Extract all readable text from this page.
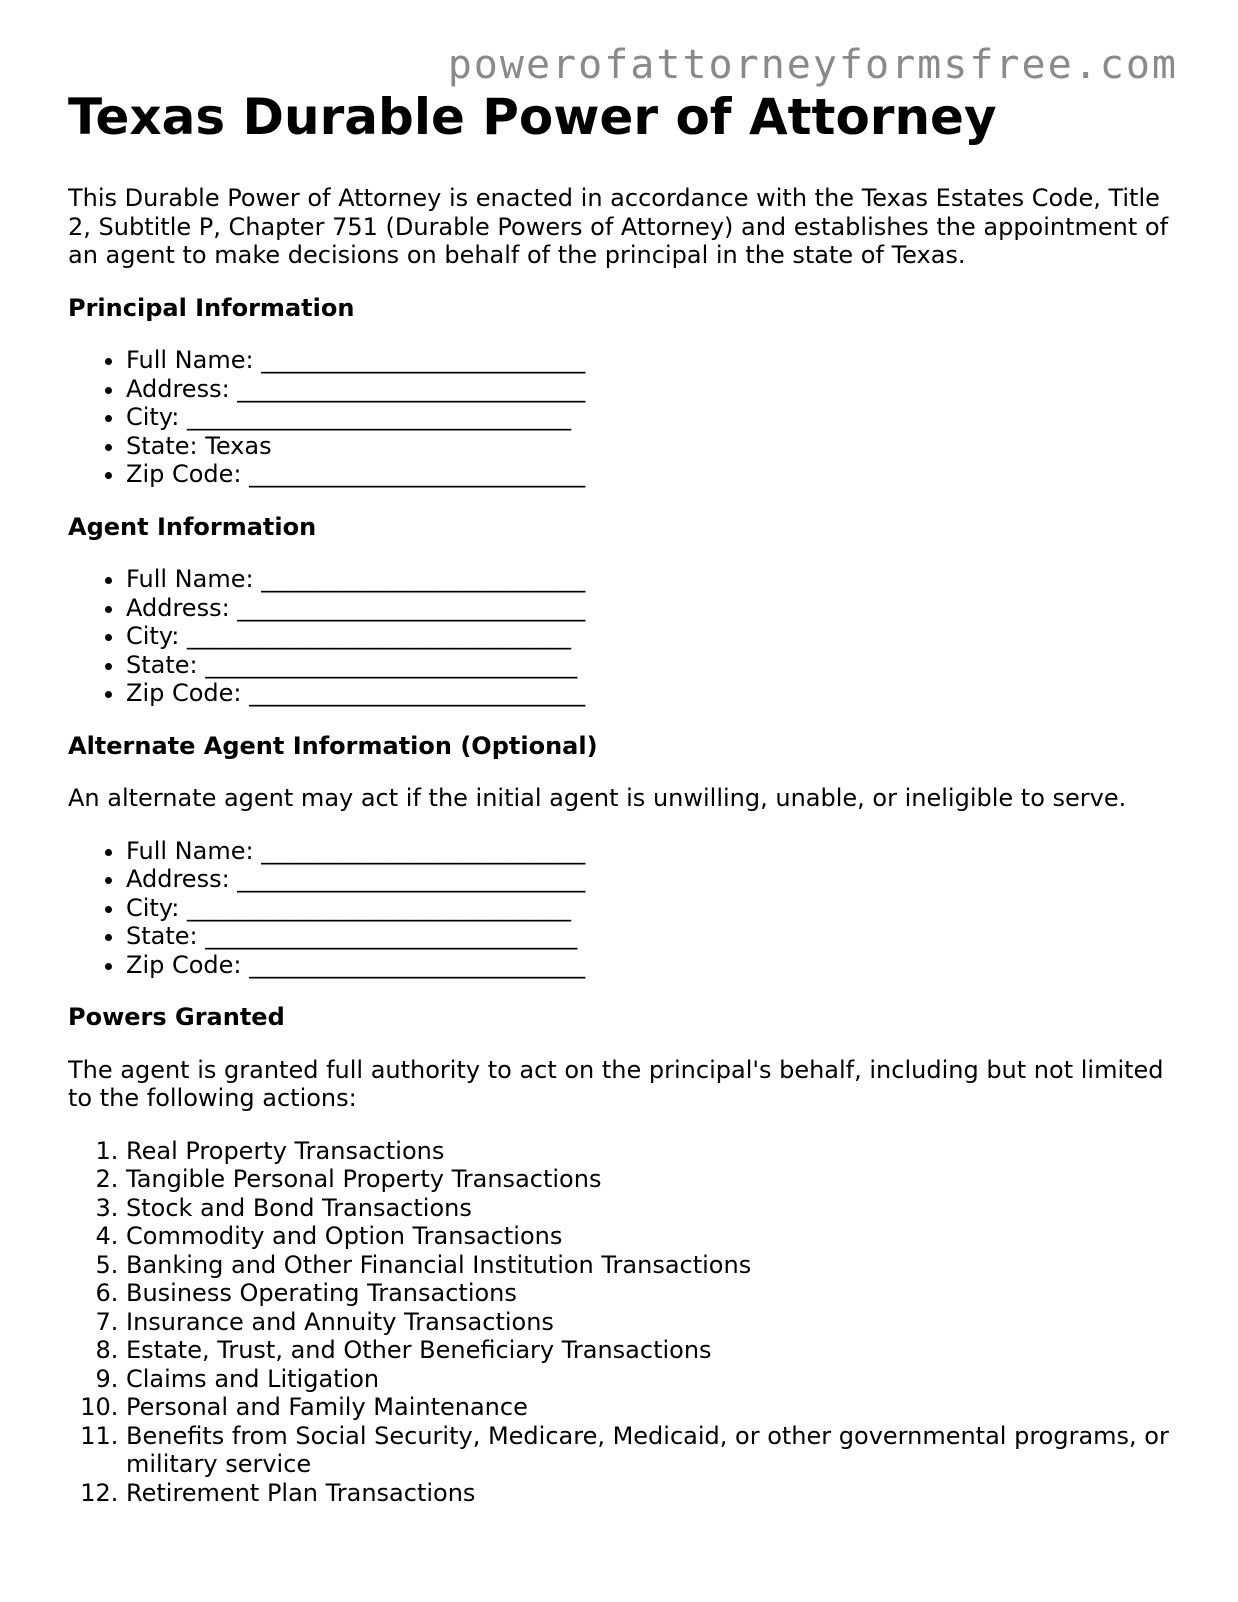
powerofattorneyformsfree.com
Texas Durable Power of Attorney

This Durable Power of Attorney is enacted in accordance with the Texas Estates Code, Title 2, Subtitle P, Chapter 751 (Durable Powers of Attorney) and establishes the appointment of an agent to make decisions on behalf of the principal in the state of Texas.

Principal Information
• Full Name: ___________________________
• Address: _____________________________
• City: ________________________________
• State: Texas
• Zip Code: ____________________________
Agent Information
• Full Name: ___________________________
• Address: _____________________________
• City: ________________________________
• State: _______________________________
• Zip Code: ____________________________
Alternate Agent Information (Optional)

An alternate agent may act if the initial agent is unwilling, unable, or ineligible to serve.

• Full Name: ___________________________
• Address: _____________________________
• City: ________________________________
• State: _______________________________
• Zip Code: ____________________________
Powers Granted

The agent is granted full authority to act on the principal's behalf, including but not limited to the following actions:

1. Real Property Transactions
2. Tangible Personal Property Transactions
3. Stock and Bond Transactions
4. Commodity and Option Transactions
5. Banking and Other Financial Institution Transactions
6. Business Operating Transactions
7. Insurance and Annuity Transactions
8. Estate, Trust, and Other Beneficiary Transactions
9. Claims and Litigation
10. Personal and Family Maintenance
11. Benefits from Social Security, Medicare, Medicaid, or other governmental programs, or military service
12. Retirement Plan Transactions
